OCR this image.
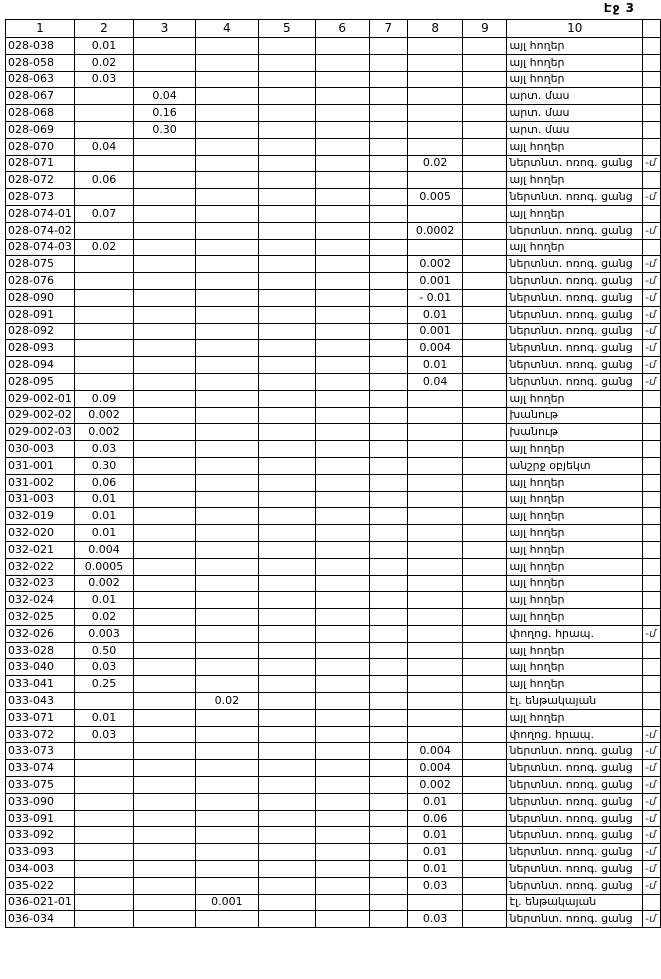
Էջ 3
1	2	3	4	5	6	7	8	9	10	
028-038	0.01								այլ հողեր	
028-058	0.02								այլ հողեր	
028-063	0.03								այլ հողեր	
028-067		0.04							արտ. մաս	
028-068		0.16							արտ. մաս	
028-069		0.30							արտ. մաս	
028-070	0.04								այլ հողեր	
028-071							0.02		ներտնտ. ոռոգ. ցանց	-մ
028-072	0.06								այլ հողեր	
028-073							0.005		ներտնտ. ոռոգ. ցանց	-մ
028-074-01	0.07								այլ հողեր	
028-074-02							0.0002		ներտնտ. ոռոգ. ցանց	-մ
028-074-03	0.02								այլ հողեր	
028-075							0.002		ներտնտ. ոռոգ. ցանց	-մ
028-076							0.001		ներտնտ. ոռոգ. ցանց	-մ
028-090							- 0.01		ներտնտ. ոռոգ. ցանց	-մ
028-091							0.01		ներտնտ. ոռոգ. ցանց	-մ
028-092							0.001		ներտնտ. ոռոգ. ցանց	-մ
028-093							0.004		ներտնտ. ոռոգ. ցանց	-մ
028-094							0.01		ներտնտ. ոռոգ. ցանց	-մ
028-095							0.04		ներտնտ. ոռոգ. ցանց	-մ
029-002-01	0.09								այլ հողեր	
029-002-02	0.002								խանութ	
029-002-03	0.002								խանութ	
030-003	0.03								այլ հողեր	
031-001	0.30								անշրջ օբյեկտ	
031-002	0.06								այլ հողեր	
031-003	0.01								այլ հողեր	
032-019	0.01								այլ հողեր	
032-020	0.01								այլ հողեր	
032-021	0.004								այլ հողեր	
032-022	0.0005								այլ հողեր	
032-023	0.002								այլ հողեր	
032-024	0.01								այլ հողեր	
032-025	0.02								այլ հողեր	
032-026	0.003								փողոց. հրապ.	-մ
033-028	0.50								այլ հողեր	
033-040	0.03								այլ հողեր	
033-041	0.25								այլ հողեր	
033-043			0.02						էլ. ենթակայան	
033-071	0.01								այլ հողեր	
033-072	0.03								փողոց. հրապ.	-մ
033-073							0.004		ներտնտ. ոռոգ. ցանց	-մ
033-074							0.004		ներտնտ. ոռոգ. ցանց	-մ
033-075							0.002		ներտնտ. ոռոգ. ցանց	-մ
033-090							0.01		ներտնտ. ոռոգ. ցանց	-մ
033-091							0.06		ներտնտ. ոռոգ. ցանց	-մ
033-092							0.01		ներտնտ. ոռոգ. ցանց	-մ
033-093							0.01		ներտնտ. ոռոգ. ցանց	-մ
034-003							0.01		ներտնտ. ոռոգ. ցանց	-մ
035-022							0.03		ներտնտ. ոռոգ. ցանց	-մ
036-021-01			0.001						էլ. ենթակայան	
036-034							0.03		ներտնտ. ոռոգ. ցանց	-մ
